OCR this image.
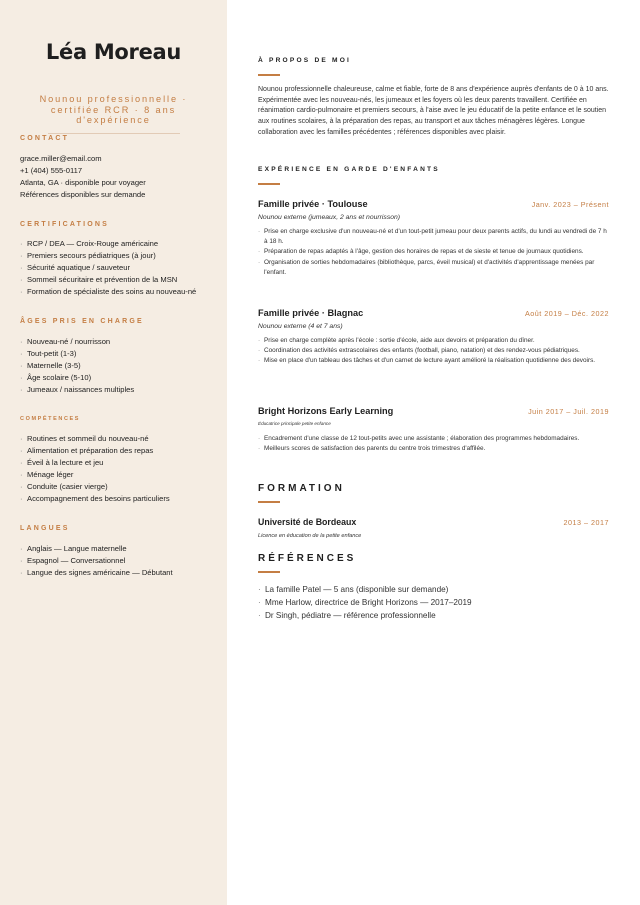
Léa Moreau
Nounou professionnelle · certifiée RCR · 8 ans d'expérience
CONTACT
grace.miller@email.com
+1 (404) 555-0117
Atlanta, GA · disponible pour voyager
Références disponibles sur demande
CERTIFICATIONS
· RCP / DEA — Croix-Rouge américaine
· Premiers secours pédiatriques (à jour)
· Sécurité aquatique / sauveteur
· Sommeil sécuritaire et prévention de la MSN
· Formation de spécialiste des soins au nouveau-né
ÂGES PRIS EN CHARGE
· Nouveau-né / nourrisson
· Tout-petit (1-3)
· Maternelle (3-5)
· Âge scolaire (5-10)
· Jumeaux / naissances multiples
COMPÉTENCES
· Routines et sommeil du nouveau-né
· Alimentation et préparation des repas
· Éveil à la lecture et jeu
· Ménage léger
· Conduite (casier vierge)
· Accompagnement des besoins particuliers
LANGUES
· Anglais — Langue maternelle
· Espagnol — Conversationnel
· Langue des signes américaine — Débutant
À PROPOS DE MOI

Nounou professionnelle chaleureuse, calme et fiable, forte de 8 ans d'expérience auprès d'enfants de 0 à 10 ans. Expérimentée avec les nouveau-nés, les jumeaux et les foyers où les deux parents travaillent. Certifiée en réanimation cardio-pulmonaire et premiers secours, à l'aise avec le jeu éducatif de la petite enfance et le soutien aux routines scolaires, à la préparation des repas, au transport et aux tâches ménagères légères. Longue collaboration avec les familles précédentes ; références disponibles avec plaisir.

EXPÉRIENCE EN GARDE D'ENFANTS
Famille privée · Toulouse	Janv. 2023 – Présent
Nounou externe (jumeaux, 2 ans et nourrisson)
· Prise en charge exclusive d'un nouveau-né et d'un tout-petit jumeau pour deux parents actifs, du lundi au vendredi de 7 h à 18 h.
· Préparation de repas adaptés à l'âge, gestion des horaires de repas et de sieste et tenue de journaux quotidiens.
· Organisation de sorties hebdomadaires (bibliothèque, parcs, éveil musical) et d'activités d'apprentissage menées par l'enfant.
Famille privée · Blagnac	Août 2019 – Déc. 2022
Nounou externe (4 et 7 ans)
· Prise en charge complète après l'école : sortie d'école, aide aux devoirs et préparation du dîner.
· Coordination des activités extrascolaires des enfants (football, piano, natation) et des rendez-vous pédiatriques.
· Mise en place d'un tableau des tâches et d'un carnet de lecture ayant amélioré la réalisation quotidienne des devoirs.
Bright Horizons Early Learning	Juin 2017 – Juil. 2019
Éducatrice principale petite enfance
· Encadrement d'une classe de 12 tout-petits avec une assistante ; élaboration des programmes hebdomadaires.
· Meilleurs scores de satisfaction des parents du centre trois trimestres d'affilée.
FORMATION
Université de Bordeaux	2013 – 2017
Licence en éducation de la petite enfance
RÉFÉRENCES
· La famille Patel — 5 ans (disponible sur demande)
· Mme Harlow, directrice de Bright Horizons — 2017–2019
· Dr Singh, pédiatre — référence professionnelle
